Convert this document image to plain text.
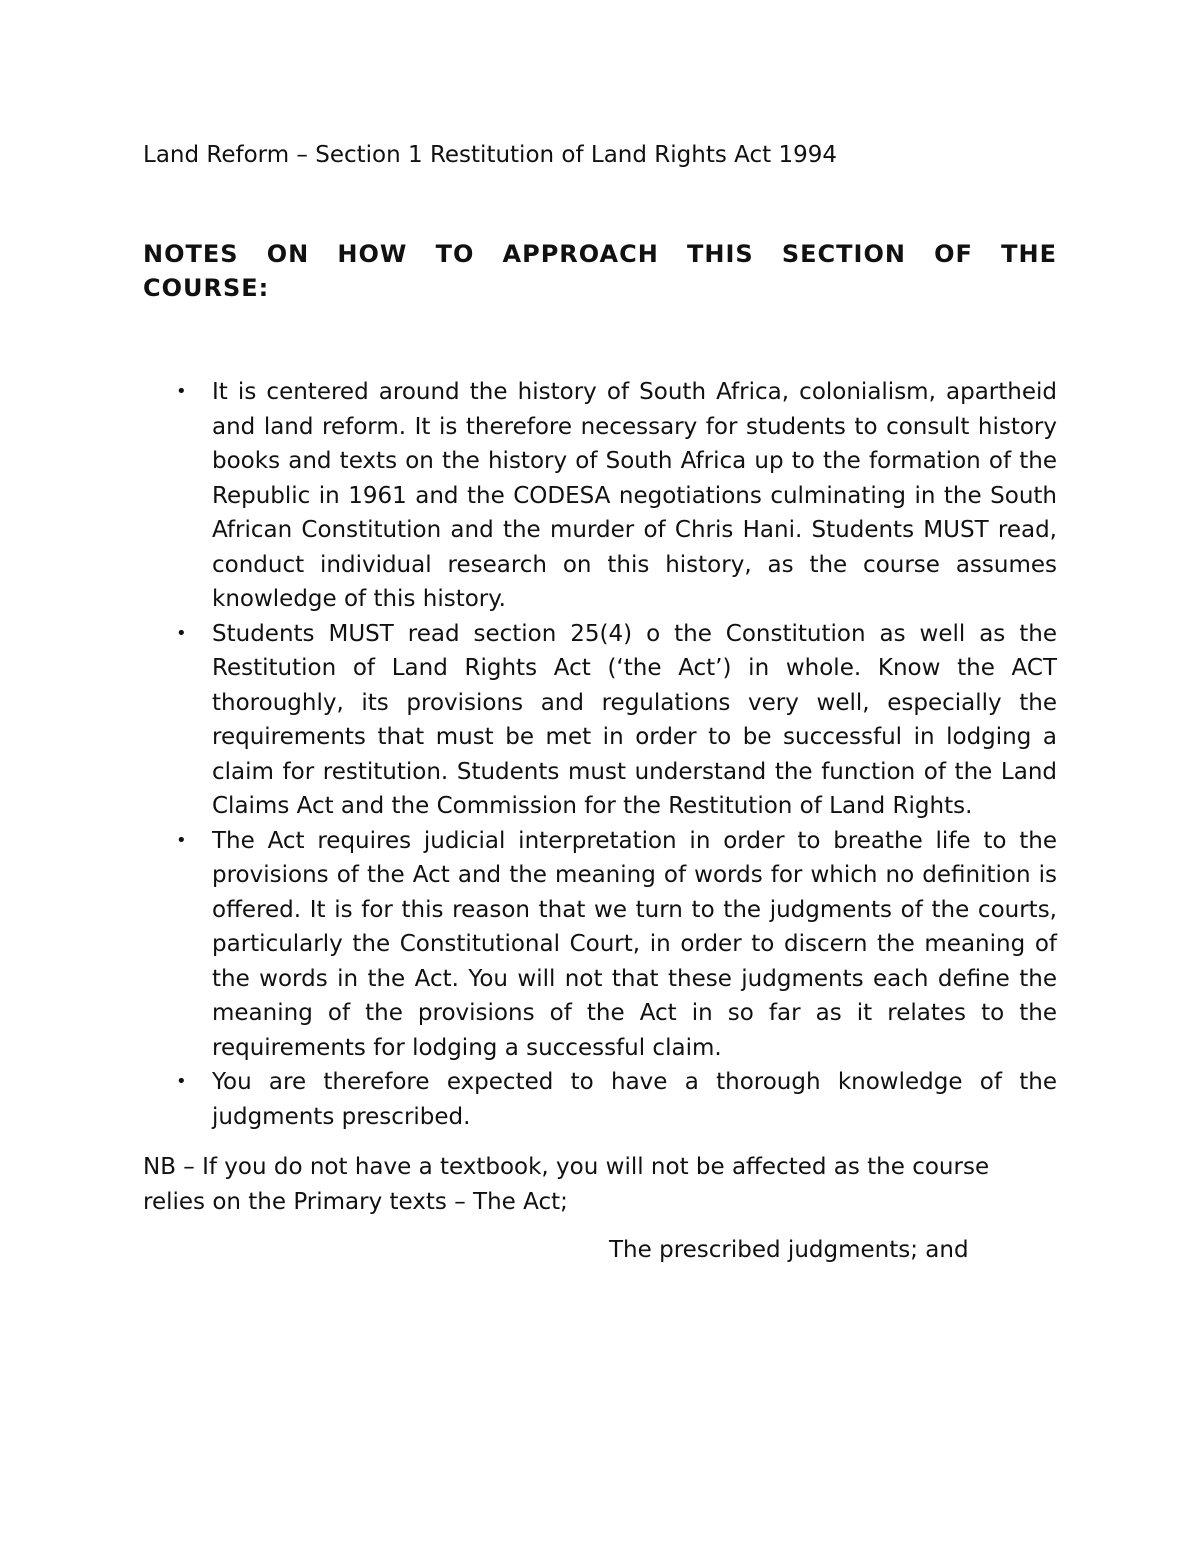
Land Reform – Section 1 Restitution of Land Rights Act 1994

NOTES ON HOW TO APPROACH THIS SECTION OF THE COURSE:
• It is centered around the history of South Africa, colonialism, apartheid and land reform. It is therefore necessary for students to consult history books and texts on the history of South Africa up to the formation of the Republic in 1961 and the CODESA negotiations culminating in the South African Constitution and the murder of Chris Hani. Students MUST read, conduct individual research on this history, as the course assumes knowledge of this history.
• Students MUST read section 25(4) o the Constitution as well as the Restitution of Land Rights Act (‘the Act’) in whole. Know the ACT thoroughly, its provisions and regulations very well, especially the requirements that must be met in order to be successful in lodging a claim for restitution. Students must understand the function of the Land Claims Act and the Commission for the Restitution of Land Rights.
• The Act requires judicial interpretation in order to breathe life to the provisions of the Act and the meaning of words for which no definition is offered. It is for this reason that we turn to the judgments of the courts, particularly the Constitutional Court, in order to discern the meaning of the words in the Act. You will not that these judgments each define the meaning of the provisions of the Act in so far as it relates to the requirements for lodging a successful claim.
• You are therefore expected to have a thorough knowledge of the judgments prescribed.

NB – If you do not have a textbook, you will not be affected as the course relies on the Primary texts – The Act;

The prescribed judgments; and
